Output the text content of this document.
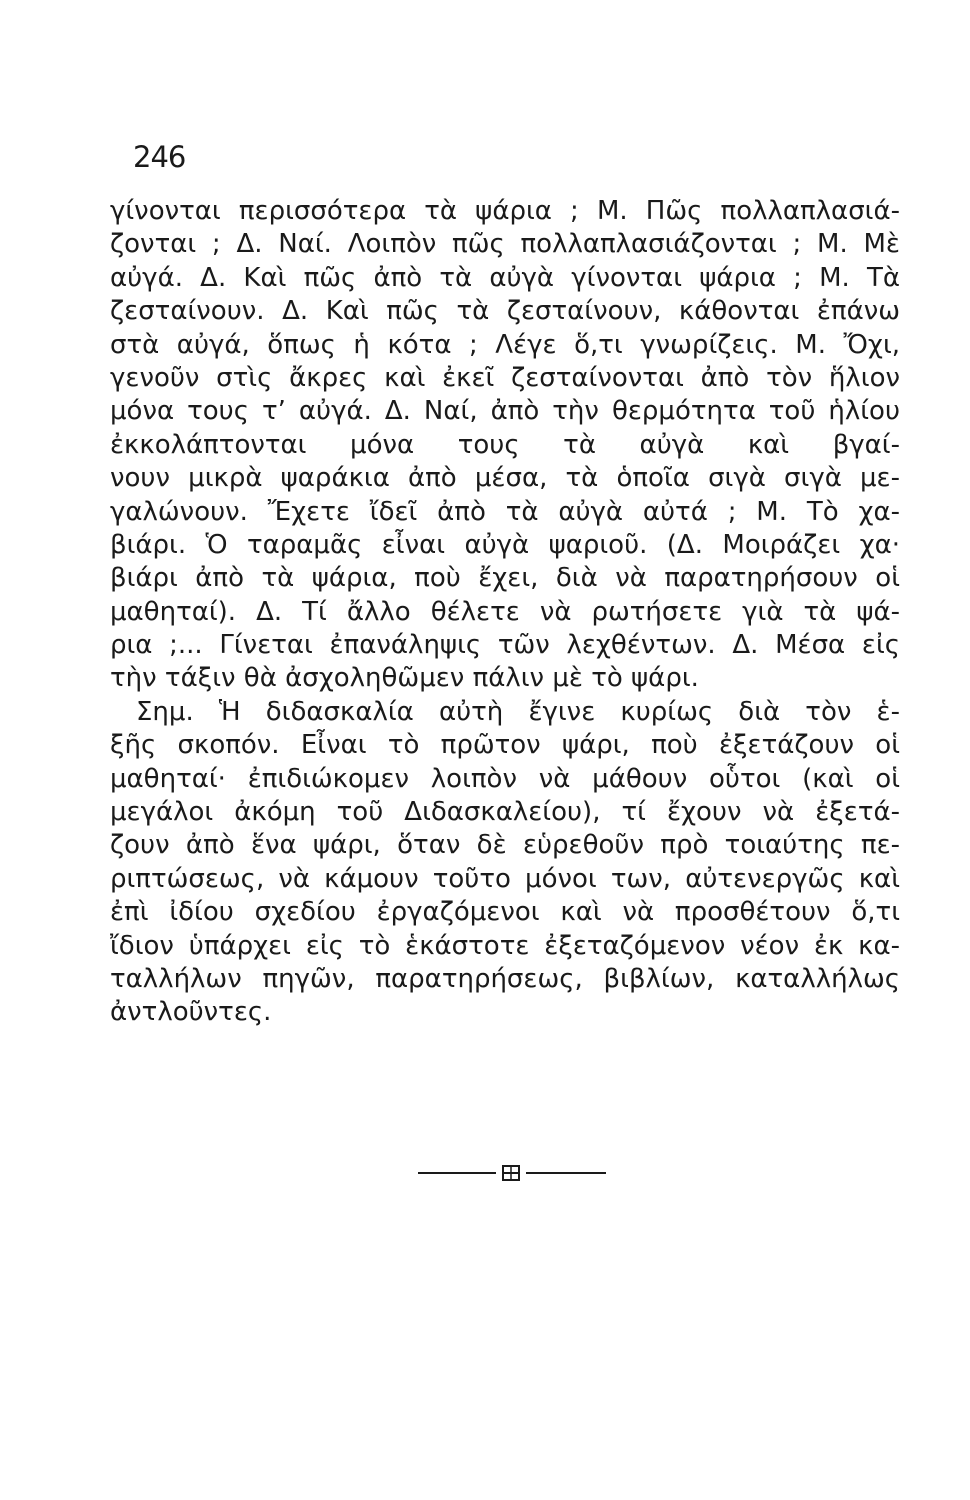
246
γίνονται περισσότερα τὰ ψάρια ; Μ. Πῶς πολλαπλασιά-
ζονται ; Δ. Ναί. Λοιπὸν πῶς πολλαπλασιάζονται ; Μ. Μὲ
αὐγά. Δ. Καὶ πῶς ἀπὸ τὰ αὐγὰ γίνονται ψάρια ; Μ. Τὰ
ζεσταίνουν. Δ. Καὶ πῶς τὰ ζεσταίνουν, κάθονται ἐπάνω
στὰ αὐγά, ὅπως ἡ κότα ; Λέγε ὅ,τι γνωρίζεις. Μ. Ὄχι,
γενοῦν στὶς ἄκρες καὶ ἐκεῖ ζεσταίνονται ἀπὸ τὸν ἥλιον
μόνα τους τ’ αὐγά. Δ. Ναί, ἀπὸ τὴν θερμότητα τοῦ ἡλίου
ἐκκολάπτονται μόνα τους τὰ αὐγὰ καὶ βγαί-
νουν μικρὰ ψαράκια ἀπὸ μέσα, τὰ ὁποῖα σιγὰ σιγὰ με-
γαλώνουν. Ἔχετε ἴδεῖ ἀπὸ τὰ αὐγὰ αὐτά ; Μ. Τὸ χα-
βιάρι. Ὁ ταραμᾶς εἶναι αὐγὰ ψαριοῦ. (Δ. Μοιράζει χα·
βιάρι ἀπὸ τὰ ψάρια, ποὺ ἔχει, διὰ νὰ παρατηρήσουν οἱ
μαθηταί). Δ. Τί ἄλλο θέλετε νὰ ρωτήσετε γιὰ τὰ ψά-
ρια ;... Γίνεται ἐπανάληψις τῶν λεχθέντων. Δ. Μέσα εἰς
τὴν τάξιν θὰ ἀσχοληθῶμεν πάλιν μὲ τὸ ψάρι.
Σημ. Ἡ διδασκαλία αὐτὴ ἔγινε κυρίως διὰ τὸν ἑ-
ξῆς σκοπόν. Εἶναι τὸ πρῶτον ψάρι, ποὺ ἐξετάζουν οἱ
μαθηταί· ἐπιδιώκομεν λοιπὸν νὰ μάθουν οὗτοι (καὶ οἱ
μεγάλοι ἀκόμη τοῦ Διδασκαλείου), τί ἔχουν νὰ ἐξετά-
ζουν ἀπὸ ἕνα ψάρι, ὅταν δὲ εὑρεθοῦν πρὸ τοιαύτης πε-
ριπτώσεως, νὰ κάμουν τοῦτο μόνοι των, αὐτενεργῶς καὶ
ἐπὶ ἰδίου σχεδίου ἐργαζόμενοι καὶ νὰ προσθέτουν ὅ,τι
ἴδιον ὑπάρχει εἰς τὸ ἑκάστοτε ἐξεταζόμενον νέον ἐκ κα-
ταλλήλων πηγῶν, παρατηρήσεως, βιβλίων, καταλλήλως
ἀντλοῦντες.
